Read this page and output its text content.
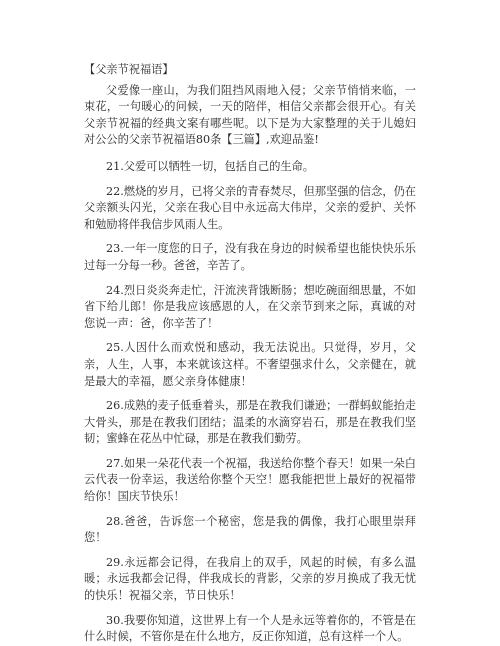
【父亲节祝福语】

父爱像一座山，为我们阻挡风雨地入侵；父亲节悄悄来临，一束花，一句暖心的问候，一天的陪伴，相信父亲都会很开心。有关父亲节祝福的经典文案有哪些呢。以下是为大家整理的关于儿媳妇对公公的父亲节祝福语80条【三篇】,欢迎品鉴!

21.父爱可以牺牲一切，包括自己的生命。

22.燃烧的岁月，已将父亲的青春焚尽，但那坚强的信念，仍在父亲额头闪光，父亲在我心目中永远高大伟岸，父亲的爱护、关怀和勉励将伴我信步风雨人生。

23.一年一度您的日子，没有我在身边的时候希望也能快快乐乐过每一分每一秒。爸爸，辛苦了。

24.烈日炎炎奔走忙，汗流浃背饿断肠；想吃碗面细思量，不如省下给儿郎！你是我应该感恩的人，在父亲节到来之际，真诚的对您说一声：爸，你辛苦了！

25.人因什么而欢悦和感动，我无法说出。只觉得，岁月，父亲，人生，人事，本来就该这样。不奢望强求什么，父亲健在，就是最大的幸福，愿父亲身体健康！

26.成熟的麦子低垂着头，那是在教我们谦逊；一群蚂蚁能抬走大骨头，那是在教我们团结；温柔的水滴穿岩石，那是在教我们坚韧；蜜蜂在花丛中忙碌，那是在教我们勤劳。

27.如果一朵花代表一个祝福，我送给你整个春天！如果一朵白云代表一份幸运，我送给你整个天空！愿我能把世上最好的祝福带给你！国庆节快乐！

28.爸爸，告诉您一个秘密，您是我的偶像，我打心眼里崇拜您！

29.永远都会记得，在我肩上的双手，风起的时候，有多么温暖；永远我都会记得，伴我成长的背影，父亲的岁月换成了我无忧的快乐！祝福父亲，节日快乐！

30.我要你知道，这世界上有一个人是永远等着你的，不管是在什么时候，不管你是在什么地方，反正你知道，总有这样一个人。
